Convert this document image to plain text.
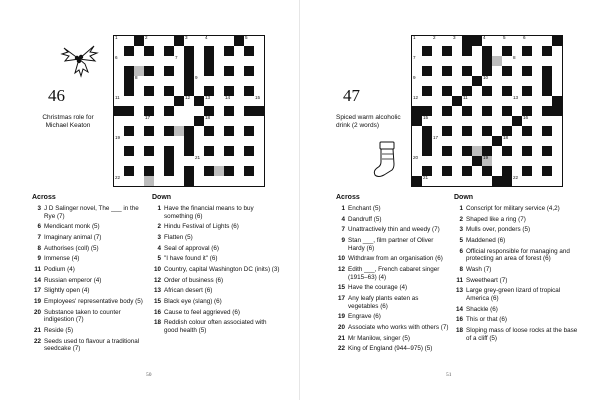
1	2	3	4	5
6	7
8	9
11	12	13	14	15
17	18
19
21
22
46
Christmas role for Michael Keaton
Across
3 J D Salinger novel, The ___ in the Rye (7)
6 Mendicant monk (5)
7 Imaginary animal (7)
8 Authorises (coll) (5)
9 Immense (4)
11 Podium (4)
14 Russian emperor (4)
17 Slightly open (4)
19 Employees' representative body (5)
20 Substance taken to counter indigestion (7)
21 Reside (5)
22 Seeds used to flavour a traditional seedcake (7)
Down
1 Have the financial means to buy something (6)
2 Hindu Festival of Lights (6)
3 Flatten (5)
4 Seal of approval (6)
5 "I have found it" (6)
10 Country, capital Washington DC (inits) (3)
12 Order of business (6)
13 African desert (6)
15 Black eye (slang) (6)
16 Cause to feel aggrieved (6)
18 Reddish colour often associated with good health (5)
50
47
Spiced warm alcoholic drink (2 words)
Across
1 Enchant (5)
4 Dandruff (5)
7 Unattractively thin and weedy (7)
9 Stan ___, film partner of Oliver Hardy (6)
10 Withdraw from an organisation (6)
12 Edith ___, French cabaret singer (1915–63) (4)
15 Have the courage (4)
17 Any leafy plants eaten as vegetables (6)
19 Engrave (6)
20 Associate who works with others (7)
21 Mr Manilow, singer (5)
22 King of England (944–975) (5)
Down
1 Conscript for military service (4,2)
2 Shaped like a ring (7)
3 Mulls over, ponders (5)
5 Maddened (6)
6 Official responsible for managing and protecting an area of forest (6)
8 Wash (7)
11 Sweetheart (7)
13 Large grey-green lizard of tropical America (6)
14 Shackle (6)
16 This or that (6)
18 Sloping mass of loose rocks at the base of a cliff (5)
51
1	2	3	4	5	6
7	8
9	10
12	11	13
15	16
17	18
20	19
21	22
